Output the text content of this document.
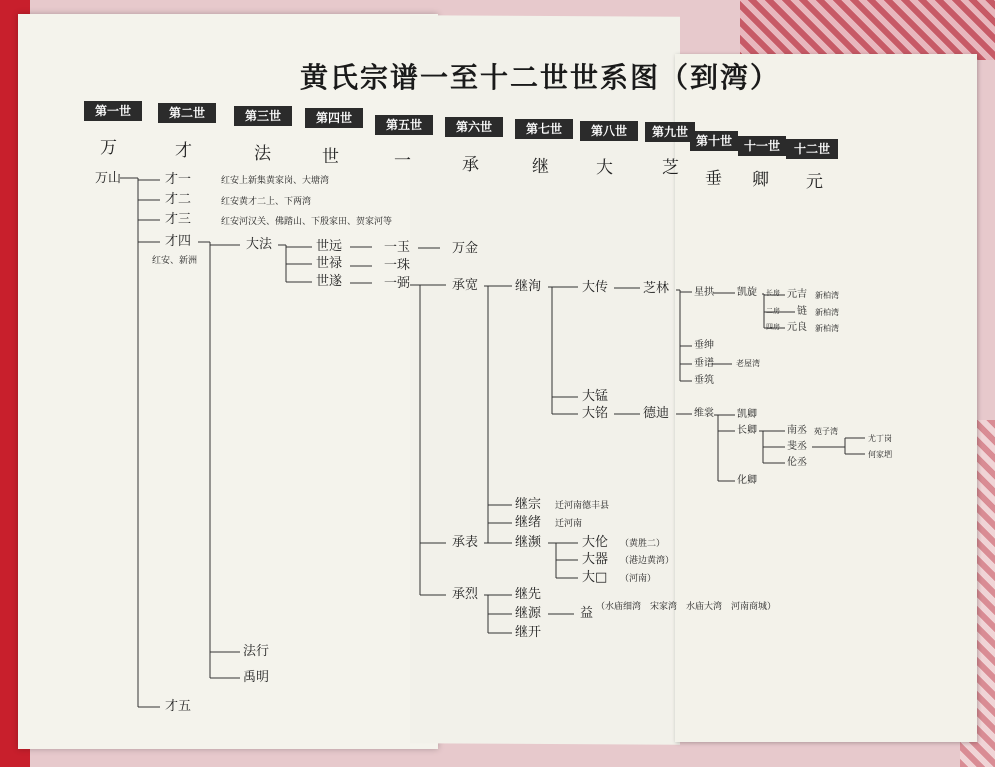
黄氏宗谱一至十二世世系图（到湾）
第一世	第二世	第三世	第四世	第五世	第六世	第七世	第八世	第九世
第十世 十一世	十二世
万	才	法	世	一	承	继	大	芝
垂 卿 元
万山	才一	红安上新集黄家岗、大塘湾
才二	红安黄才二上、下两湾
才三	红安河汉关、佛踏山、下殷家田、贺家河等
才四
红安、新洲
才五
大法
法行
禹明
世远
世禄
世遂
一玉
一珠
一弼
万金
承宽
承表
承烈
继洵
继宗 迁河南德丰县
继绪 迁河南
继濒
继先
继源
继开
大传
大锰
大铭
大伦 （黄胜二）
大器 （港边黄湾）
大□ （河南）
益 （水庙细湾　宋家湾　水庙大湾　河南商城）
芝林
德迪
星拱
垂绅
垂谱	老屋湾
垂筑
维裳
凯旋
凯卿
长卿
化卿
长房
二房
四房
元吉 新柏湾
链 新柏湾
元良 新柏湾
南丞 苑子湾
斐丞
伦丞
尤丁岗
何家垇
